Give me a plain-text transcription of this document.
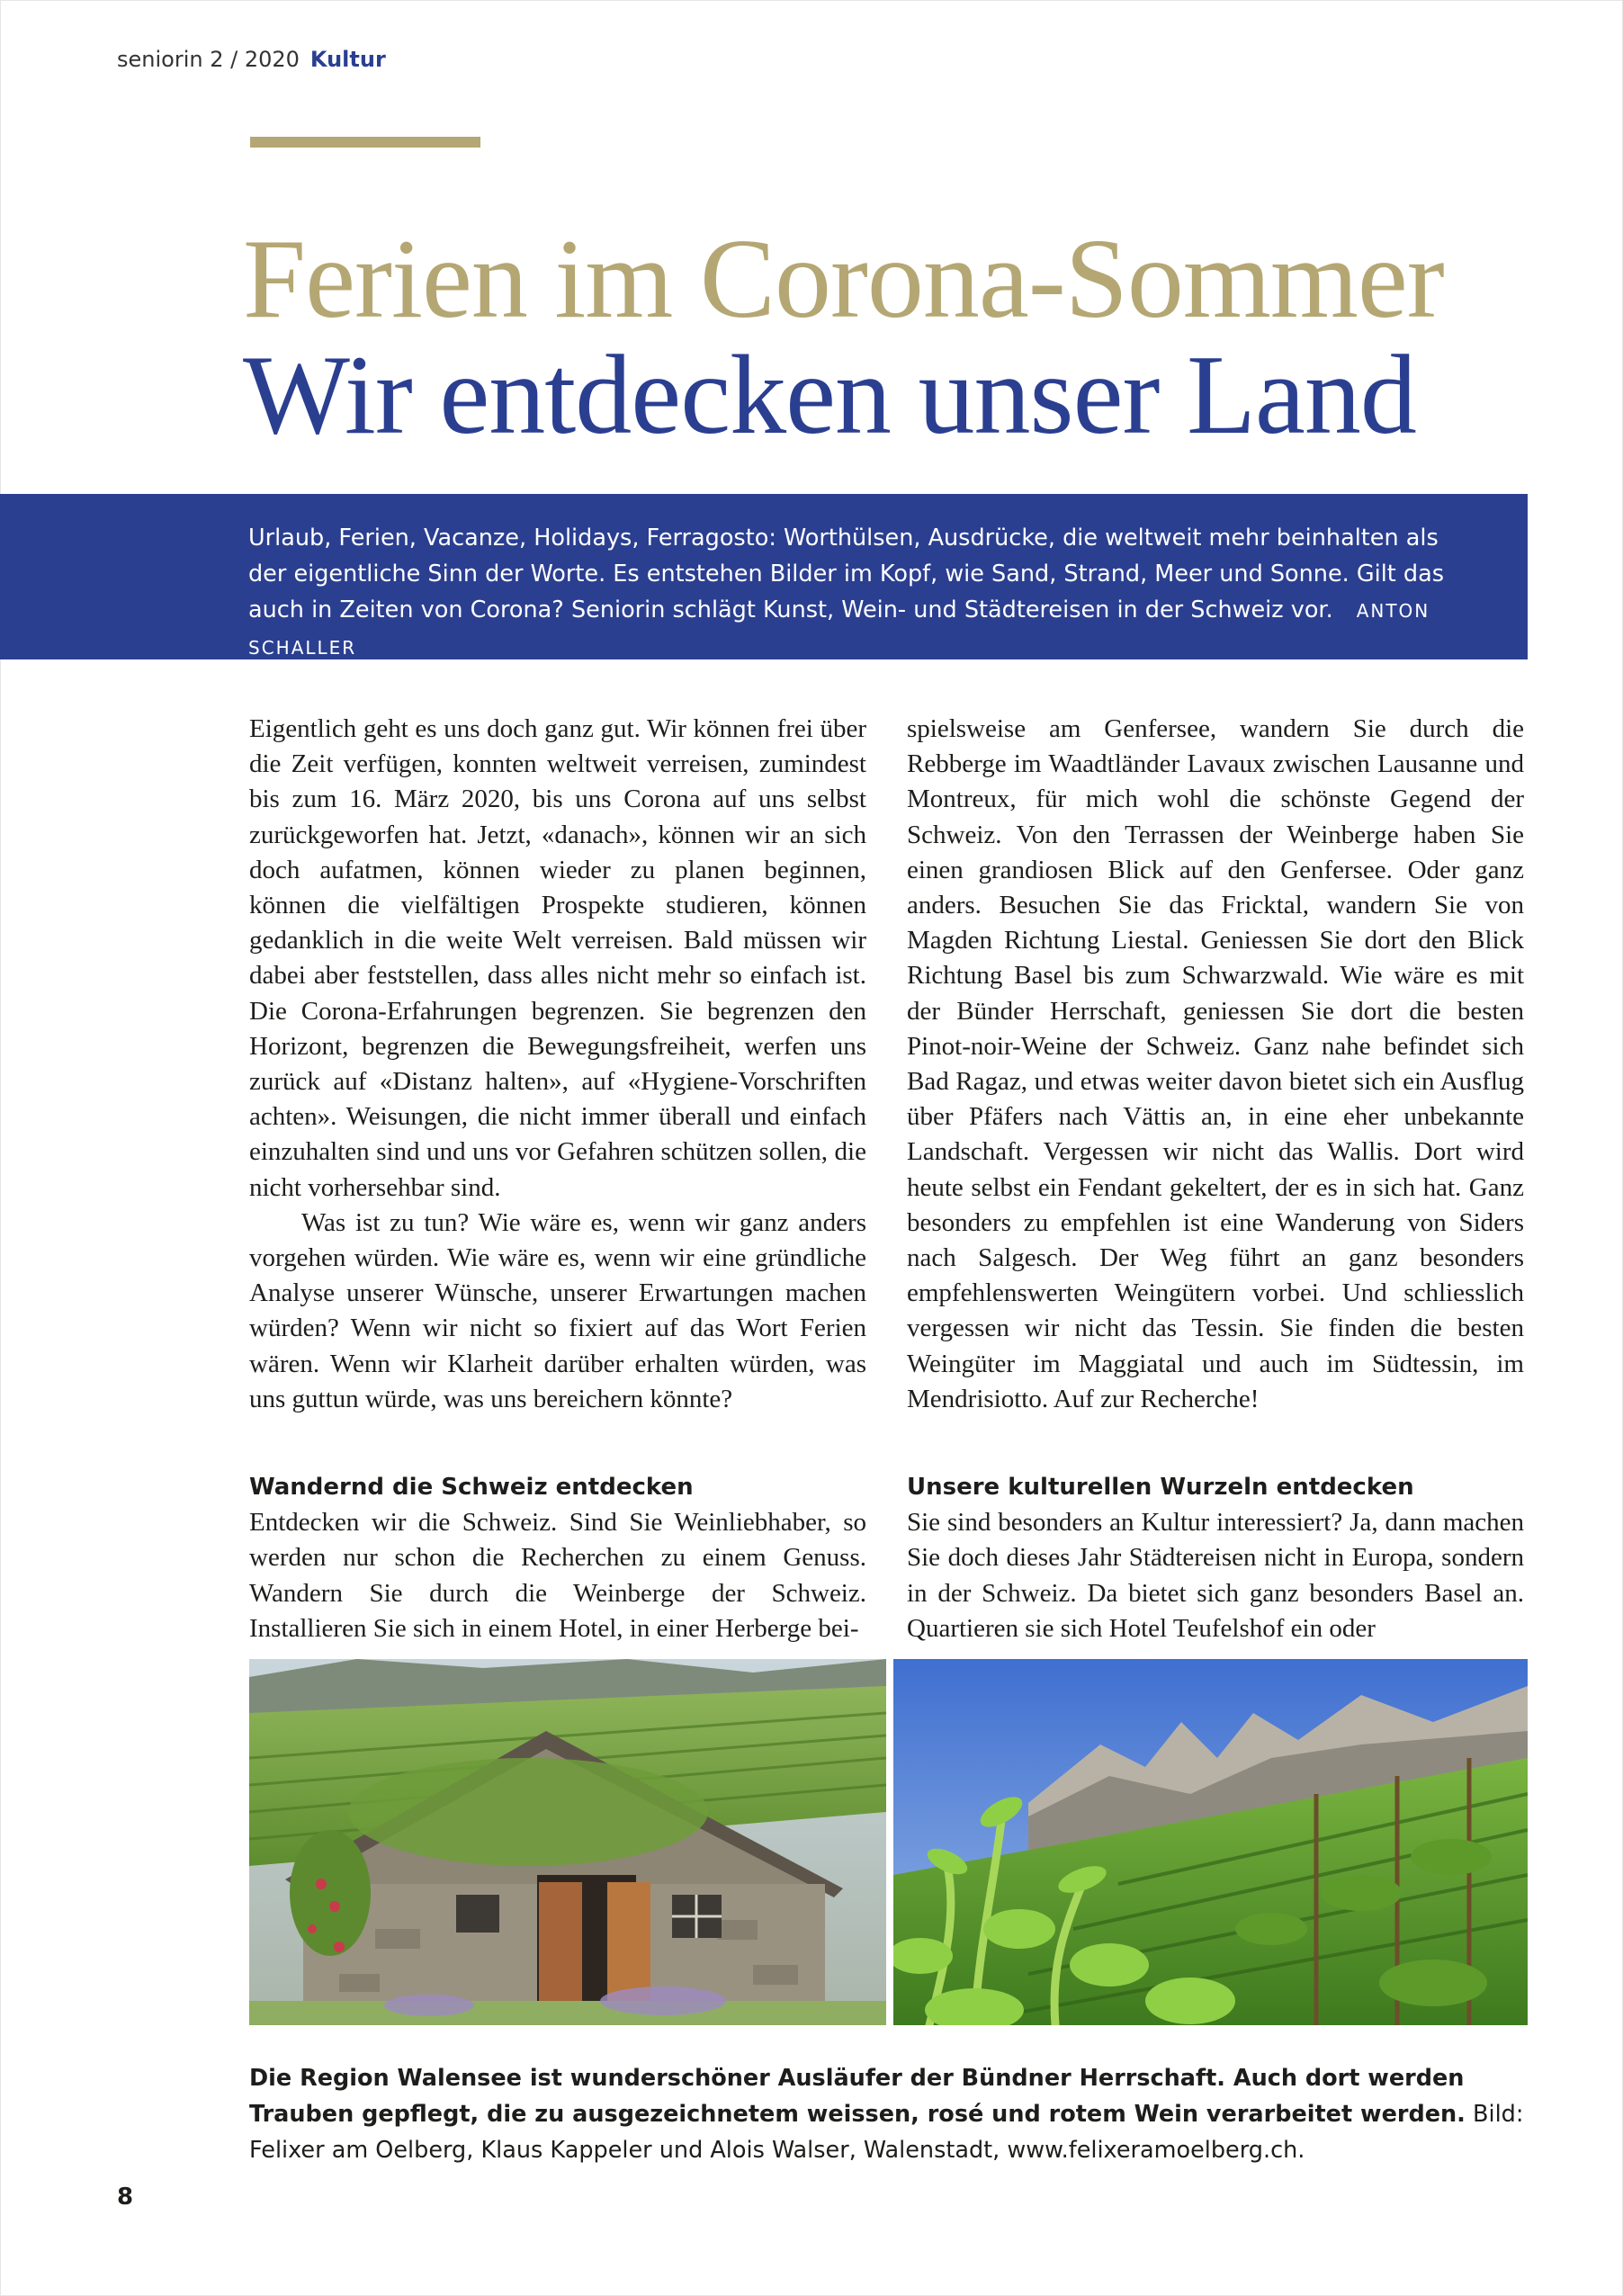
seniorin 2 / 2020 Kultur
Ferien im Corona-Sommer
Wir entdecken unser Land
Urlaub, Ferien, Vacanze, Holidays, Ferragosto: Worthülsen, Ausdrücke, die weltweit mehr beinhalten als der eigentliche Sinn der Worte. Es entstehen Bilder im Kopf, wie Sand, Strand, Meer und Sonne. Gilt das auch in Zeiten von Corona? Seniorin schlägt Kunst, Wein- und Städtereisen in der Schweiz vor. ANTON SCHALLER

Eigentlich geht es uns doch ganz gut. Wir können frei über die Zeit verfügen, konnten weltweit verreisen, zumindest bis zum 16. März 2020, bis uns Corona auf uns selbst zurückgeworfen hat. Jetzt, «danach», können wir an sich doch aufatmen, können wieder zu planen beginnen, können die vielfältigen Prospekte studieren, können gedanklich in die weite Welt verreisen. Bald müssen wir dabei aber feststellen, dass alles nicht mehr so einfach ist. Die Corona-Erfahrungen begrenzen. Sie begrenzen den Horizont, begrenzen die Bewegungsfreiheit, werfen uns zurück auf «Distanz halten», auf «Hygiene-Vorschriften achten». Weisungen, die nicht immer überall und einfach einzuhalten sind und uns vor Gefahren schützen sollen, die nicht vorhersehbar sind.

Was ist zu tun? Wie wäre es, wenn wir ganz anders vorgehen würden. Wie wäre es, wenn wir eine gründliche Analyse unserer Wünsche, unserer Erwartungen machen würden? Wenn wir nicht so fixiert auf das Wort Ferien wären. Wenn wir Klarheit darüber erhalten würden, was uns guttun würde, was uns bereichern könnte?

Wandernd die Schweiz entdecken

Entdecken wir die Schweiz. Sind Sie Weinliebhaber, so werden nur schon die Recherchen zu einem Genuss. Wandern Sie durch die Weinberge der Schweiz. Installieren Sie sich in einem Hotel, in einer Herberge bei-

spielsweise am Genfersee, wandern Sie durch die Rebberge im Waadtländer Lavaux zwischen Lausanne und Montreux, für mich wohl die schönste Gegend der Schweiz. Von den Terrassen der Weinberge haben Sie einen grandiosen Blick auf den Genfersee. Oder ganz anders. Besuchen Sie das Fricktal, wandern Sie von Magden Richtung Liestal. Geniessen Sie dort den Blick Richtung Basel bis zum Schwarzwald. Wie wäre es mit der Bünder Herrschaft, geniessen Sie dort die besten Pinot-noir-Weine der Schweiz. Ganz nahe befindet sich Bad Ragaz, und etwas weiter davon bietet sich ein Ausflug über Pfäfers nach Vättis an, in eine eher unbekannte Landschaft. Vergessen wir nicht das Wallis. Dort wird heute selbst ein Fendant gekeltert, der es in sich hat. Ganz besonders zu empfehlen ist eine Wanderung von Siders nach Salgesch. Der Weg führt an ganz besonders empfehlenswerten Weingütern vorbei. Und schliesslich vergessen wir nicht das Tessin. Sie finden die besten Weingüter im Maggiatal und auch im Südtessin, im Mendrisiotto. Auf zur Recherche!

Unsere kulturellen Wurzeln entdecken

Sie sind besonders an Kultur interessiert? Ja, dann machen Sie doch dieses Jahr Städtereisen nicht in Europa, sondern in der Schweiz. Da bietet sich ganz besonders Basel an. Quartieren sie sich Hotel Teufelshof ein oder

Die Region Walensee ist wunderschöner Ausläufer der Bündner Herrschaft. Auch dort werden Trauben gepflegt, die zu ausgezeichnetem weissen, rosé und rotem Wein verarbeitet werden. Bild: Felixer am Oelberg, Klaus Kappeler und Alois Walser, Walenstadt, www.felixeramoelberg.ch.
8
